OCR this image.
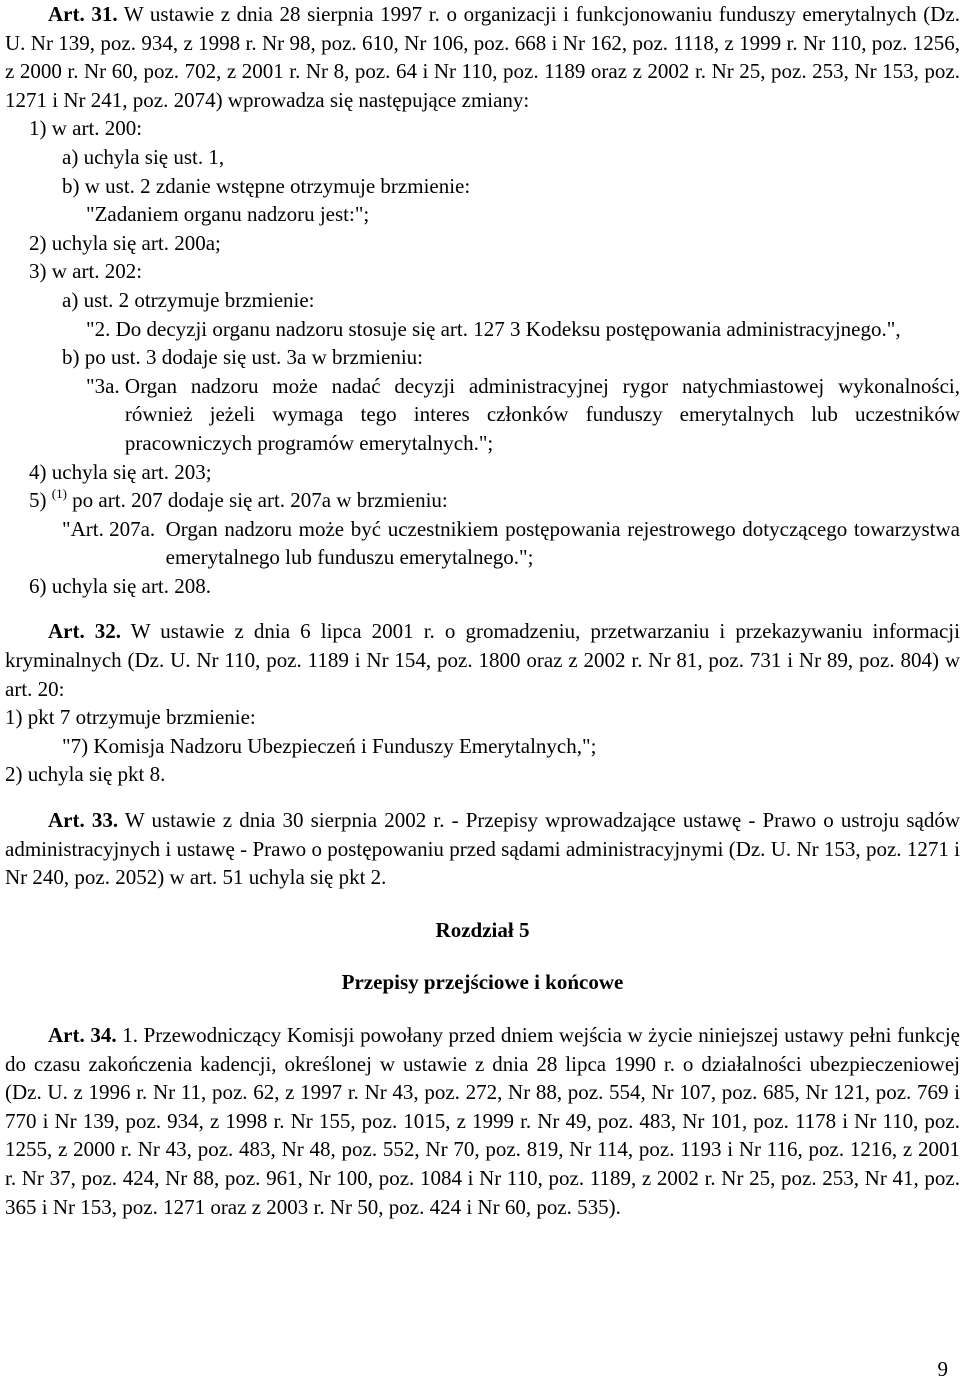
Art. 31. W ustawie z dnia 28 sierpnia 1997 r. o organizacji i funkcjonowaniu funduszy emerytalnych (Dz. U. Nr 139, poz. 934, z 1998 r. Nr 98, poz. 610, Nr 106, poz. 668 i Nr 162, poz. 1118, z 1999 r. Nr 110, poz. 1256, z 2000 r. Nr 60, poz. 702, z 2001 r. Nr 8, poz. 64 i Nr 110, poz. 1189 oraz z 2002 r. Nr 25, poz. 253, Nr 153, poz. 1271 i Nr 241, poz. 2074) wprowadza się następujące zmiany:

1) w art. 200:

a) uchyla się ust. 1,

b) w ust. 2 zdanie wstępne otrzymuje brzmienie:

"Zadaniem organu nadzoru jest:";

2) uchyla się art. 200a;

3) w art. 202:

a) ust. 2 otrzymuje brzmienie:

"2. Do decyzji organu nadzoru stosuje się art. 127 3 Kodeksu postępowania administracyjnego.",

b) po ust. 3 dodaje się ust. 3a w brzmieniu:

"3a. Organ nadzoru może nadać decyzji administracyjnej rygor natychmiastowej wykonalności, również jeżeli wymaga tego interes członków funduszy emerytalnych lub uczestników pracowniczych programów emerytalnych.";

4) uchyla się art. 203;

5) $^{(1)}$ po art. 207 dodaje się art. 207a w brzmieniu:

"Art. 207a. Organ nadzoru może być uczestnikiem postępowania rejestrowego dotyczącego towarzystwa emerytalnego lub funduszu emerytalnego.";

6) uchyla się art. 208.

Art. 32. W ustawie z dnia 6 lipca 2001 r. o gromadzeniu, przetwarzaniu i przekazywaniu informacji kryminalnych (Dz. U. Nr 110, poz. 1189 i Nr 154, poz. 1800 oraz z 2002 r. Nr 81, poz. 731 i Nr 89, poz. 804) w art. 20:

1) pkt 7 otrzymuje brzmienie:

"7) Komisja Nadzoru Ubezpieczeń i Funduszy Emerytalnych,";

2) uchyla się pkt 8.

Art. 33. W ustawie z dnia 30 sierpnia 2002 r. - Przepisy wprowadzające ustawę - Prawo o ustroju sądów administracyjnych i ustawę - Prawo o postępowaniu przed sądami administracyjnymi (Dz. U. Nr 153, poz. 1271 i Nr 240, poz. 2052) w art. 51 uchyla się pkt 2.

Rozdział 5

Przepisy przejściowe i końcowe

Art. 34. 1. Przewodniczący Komisji powołany przed dniem wejścia w życie niniejszej ustawy pełni funkcję do czasu zakończenia kadencji, określonej w ustawie z dnia 28 lipca 1990 r. o działalności ubezpieczeniowej (Dz. U. z 1996 r. Nr 11, poz. 62, z 1997 r. Nr 43, poz. 272, Nr 88, poz. 554, Nr 107, poz. 685, Nr 121, poz. 769 i 770 i Nr 139, poz. 934, z 1998 r. Nr 155, poz. 1015, z 1999 r. Nr 49, poz. 483, Nr 101, poz. 1178 i Nr 110, poz. 1255, z 2000 r. Nr 43, poz. 483, Nr 48, poz. 552, Nr 70, poz. 819, Nr 114, poz. 1193 i Nr 116, poz. 1216, z 2001 r. Nr 37, poz. 424, Nr 88, poz. 961, Nr 100, poz. 1084 i Nr 110, poz. 1189, z 2002 r. Nr 25, poz. 253, Nr 41, poz. 365 i Nr 153, poz. 1271 oraz z 2003 r. Nr 50, poz. 424 i Nr 60, poz. 535).

9
